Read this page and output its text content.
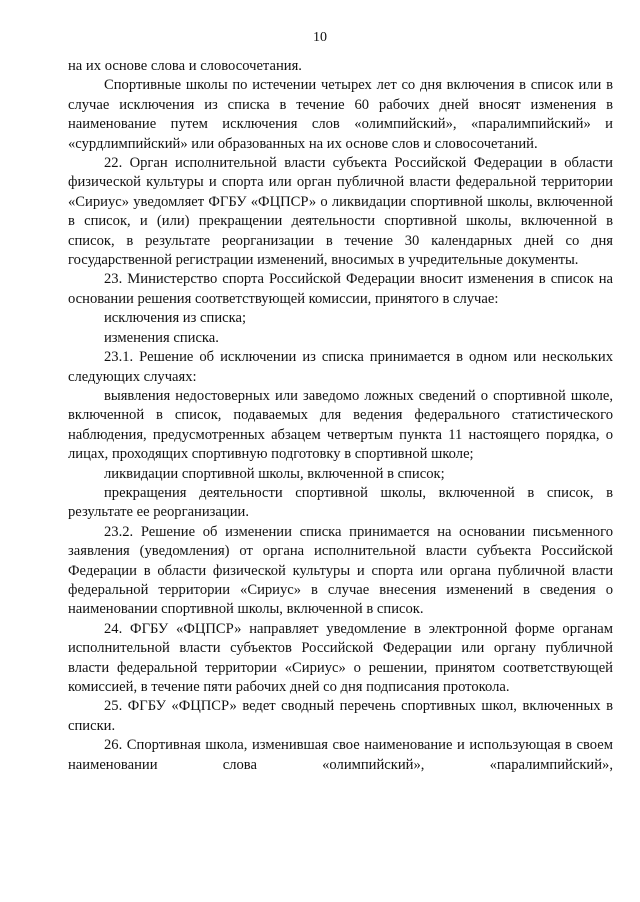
10

на их основе слова и словосочетания.

Спортивные школы по истечении четырех лет со дня включения в список или в случае исключения из списка в течение 60 рабочих дней вносят изменения в наименование путем исключения слов «олимпийский», «паралимпийский» и «сурдлимпийский» или образованных на их основе слов и словосочетаний.

22. Орган исполнительной власти субъекта Российской Федерации в области физической культуры и спорта или орган публичной власти федеральной территории «Сириус» уведомляет ФГБУ «ФЦПСР» о ликвидации спортивной школы, включенной в список, и (или) прекращении деятельности спортивной школы, включенной в список, в результате реорганизации в течение 30 календарных дней со дня государственной регистрации изменений, вносимых в учредительные документы.

23. Министерство спорта Российской Федерации вносит изменения в список на основании решения соответствующей комиссии, принятого в случае:

исключения из списка;

изменения списка.

23.1. Решение об исключении из списка принимается в одном или нескольких следующих случаях:

выявления недостоверных или заведомо ложных сведений о спортивной школе, включенной в список, подаваемых для ведения федерального статистического наблюдения, предусмотренных абзацем четвертым пункта 11 настоящего порядка, о лицах, проходящих спортивную подготовку в спортивной школе;

ликвидации спортивной школы, включенной в список;

прекращения деятельности спортивной школы, включенной в список, в результате ее реорганизации.

23.2. Решение об изменении списка принимается на основании письменного заявления (уведомления) от органа исполнительной власти субъекта Российской Федерации в области физической культуры и спорта или органа публичной власти федеральной территории «Сириус» в случае внесения изменений в сведения о наименовании спортивной школы, включенной в список.

24. ФГБУ «ФЦПСР» направляет уведомление в электронной форме органам исполнительной власти субъектов Российской Федерации или органу публичной власти федеральной территории «Сириус» о решении, принятом соответствующей комиссией, в течение пяти рабочих дней со дня подписания протокола.

25. ФГБУ «ФЦПСР» ведет сводный перечень спортивных школ, включенных в списки.

26. Спортивная школа, изменившая свое наименование и использующая в своем наименовании слова «олимпийский», «паралимпийский»,
